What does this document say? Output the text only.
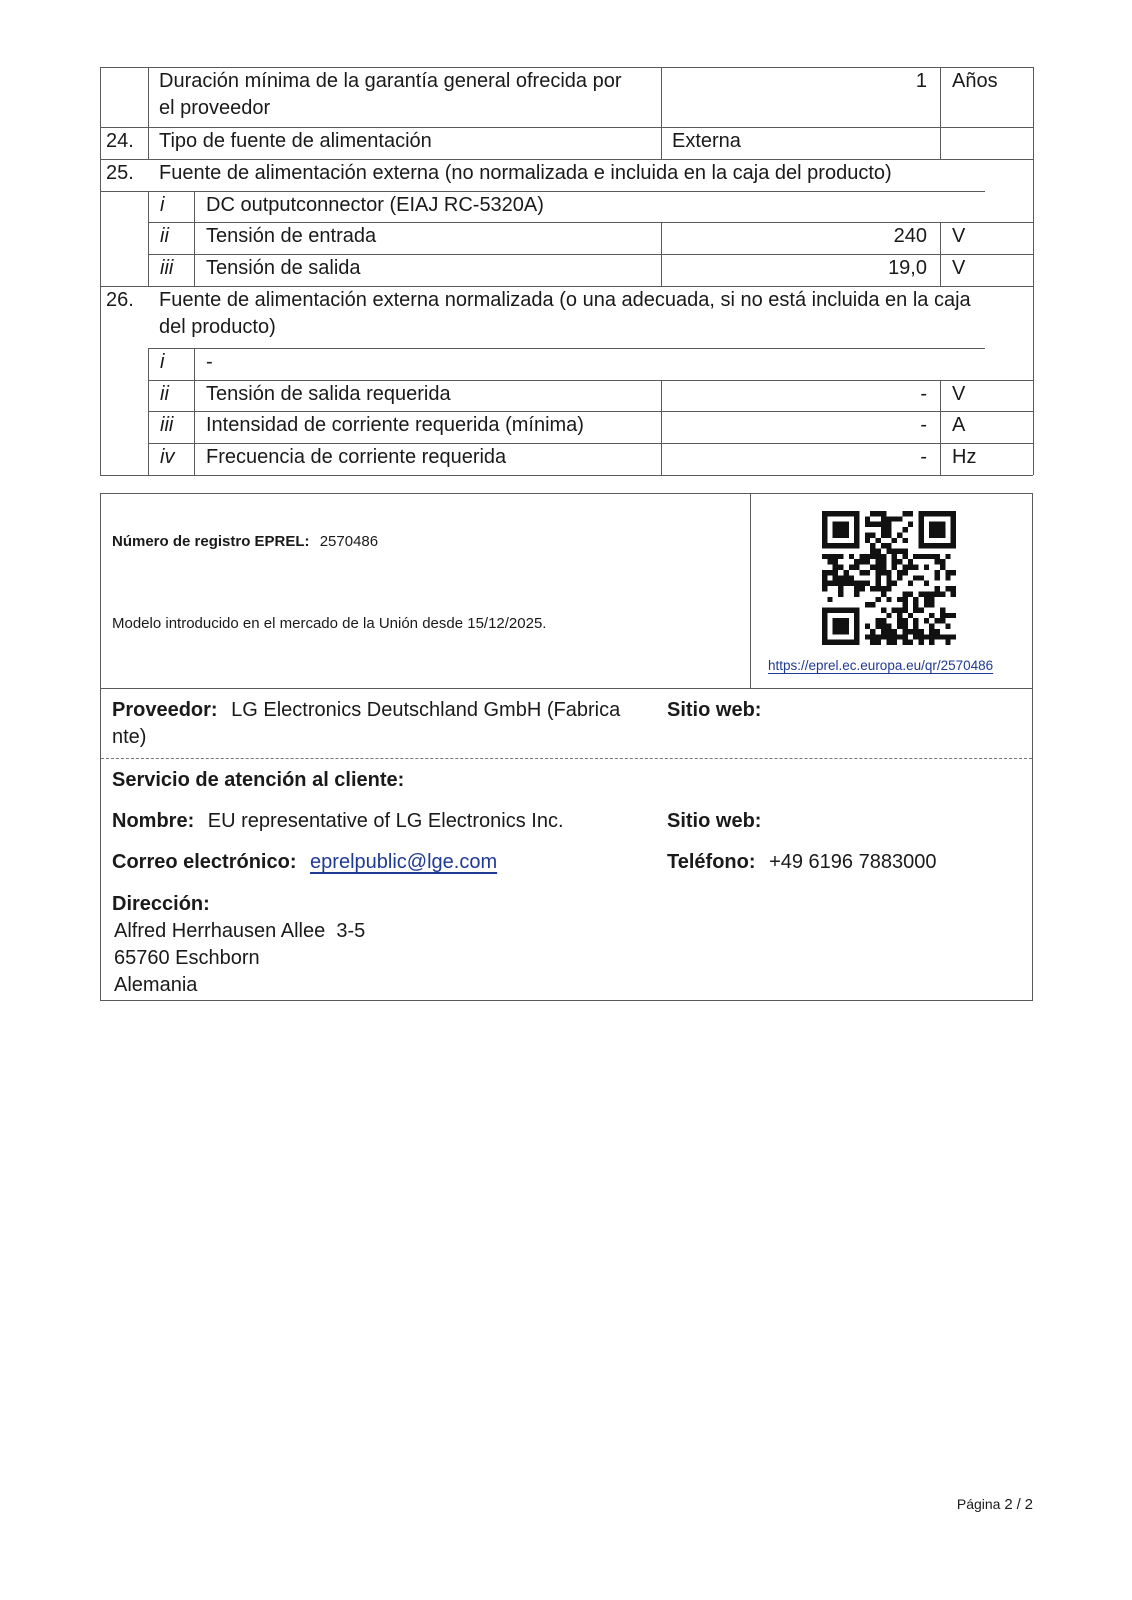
Duración mínima de la garantía general ofrecida por
el proveedor
1 Años
24. Tipo de fuente de alimentación	Externa
25. Fuente de alimentación externa (no normalizada e incluida en la caja del producto)
i DC outputconnector (EIAJ RC-5320A)
ii Tensión de entrada	240 V
iii Tensión de salida	19,0 V
26. Fuente de alimentación externa normalizada (o una adecuada, si no está incluida en la caja
del producto)
i -
ii Tensión de salida requerida	- V
iii Intensidad de corriente requerida (mínima)	- A
iv Frecuencia de corriente requerida	- Hz
Número de registro EPREL: 2570486
Modelo introducido en el mercado de la Unión desde 15/12/2025.
https://eprel.ec.europa.eu/qr/2570486
Proveedor: LG Electronics Deutschland GmbH (Fabrica
nte)
Sitio web:
Servicio de atención al cliente:
Nombre: EU representative of LG Electronics Inc.	Sitio web:
Correo electrónico: eprelpublic@lge.com	Teléfono: +49 6196 7883000
Dirección:
Alfred Herrhausen Allee  3-5
65760 Eschborn
Alemania
Página 2 / 2
